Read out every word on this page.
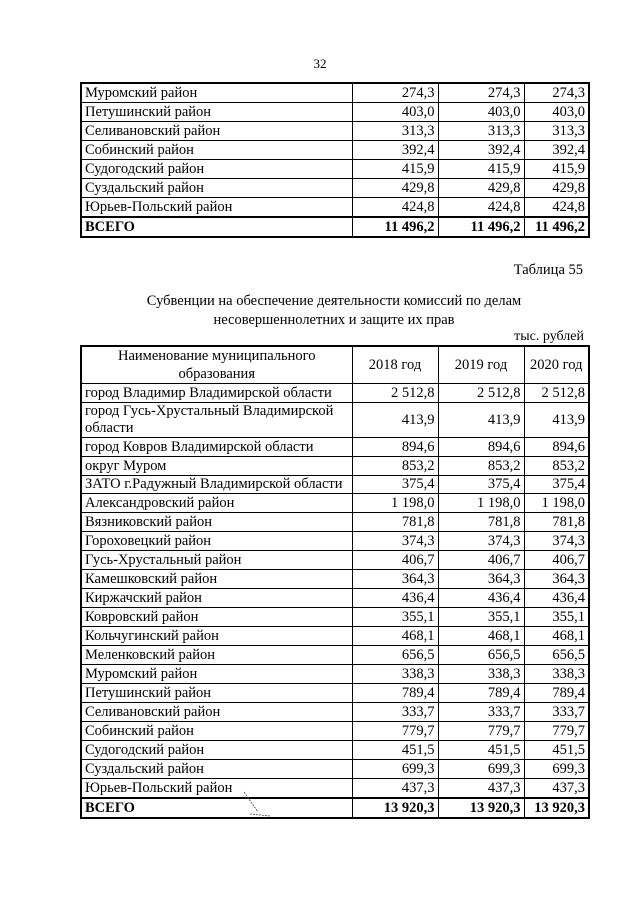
32
Муромский район	274,3	274,3	274,3
Петушинский район	403,0	403,0	403,0
Селивановский район	313,3	313,3	313,3
Собинский район	392,4	392,4	392,4
Судогодский район	415,9	415,9	415,9
Суздальский район	429,8	429,8	429,8
Юрьев-Польский район	424,8	424,8	424,8
ВСЕГО	11 496,2	11 496,2	11 496,2
Таблица 55
Субвенции на обеспечение деятельности комиссий по делам
несовершеннолетних и защите их прав
тыс. рублей
Наименование муниципального
образования	2018 год	2019 год	2020 год
город Владимир Владимирской области	2 512,8	2 512,8	2 512,8
город Гусь-Хрустальный Владимирской области	413,9	413,9	413,9
город Ковров Владимирской области	894,6	894,6	894,6
округ Муром	853,2	853,2	853,2
ЗАТО г.Радужный Владимирской области	375,4	375,4	375,4
Александровский район	1 198,0	1 198,0	1 198,0
Вязниковский район	781,8	781,8	781,8
Гороховецкий район	374,3	374,3	374,3
Гусь-Хрустальный район	406,7	406,7	406,7
Камешковский район	364,3	364,3	364,3
Киржачский район	436,4	436,4	436,4
Ковровский район	355,1	355,1	355,1
Кольчугинский район	468,1	468,1	468,1
Меленковский район	656,5	656,5	656,5
Муромский район	338,3	338,3	338,3
Петушинский район	789,4	789,4	789,4
Селивановский район	333,7	333,7	333,7
Собинский район	779,7	779,7	779,7
Судогодский район	451,5	451,5	451,5
Суздальский район	699,3	699,3	699,3
Юрьев-Польский район	437,3	437,3	437,3
ВСЕГО	13 920,3	13 920,3	13 920,3
